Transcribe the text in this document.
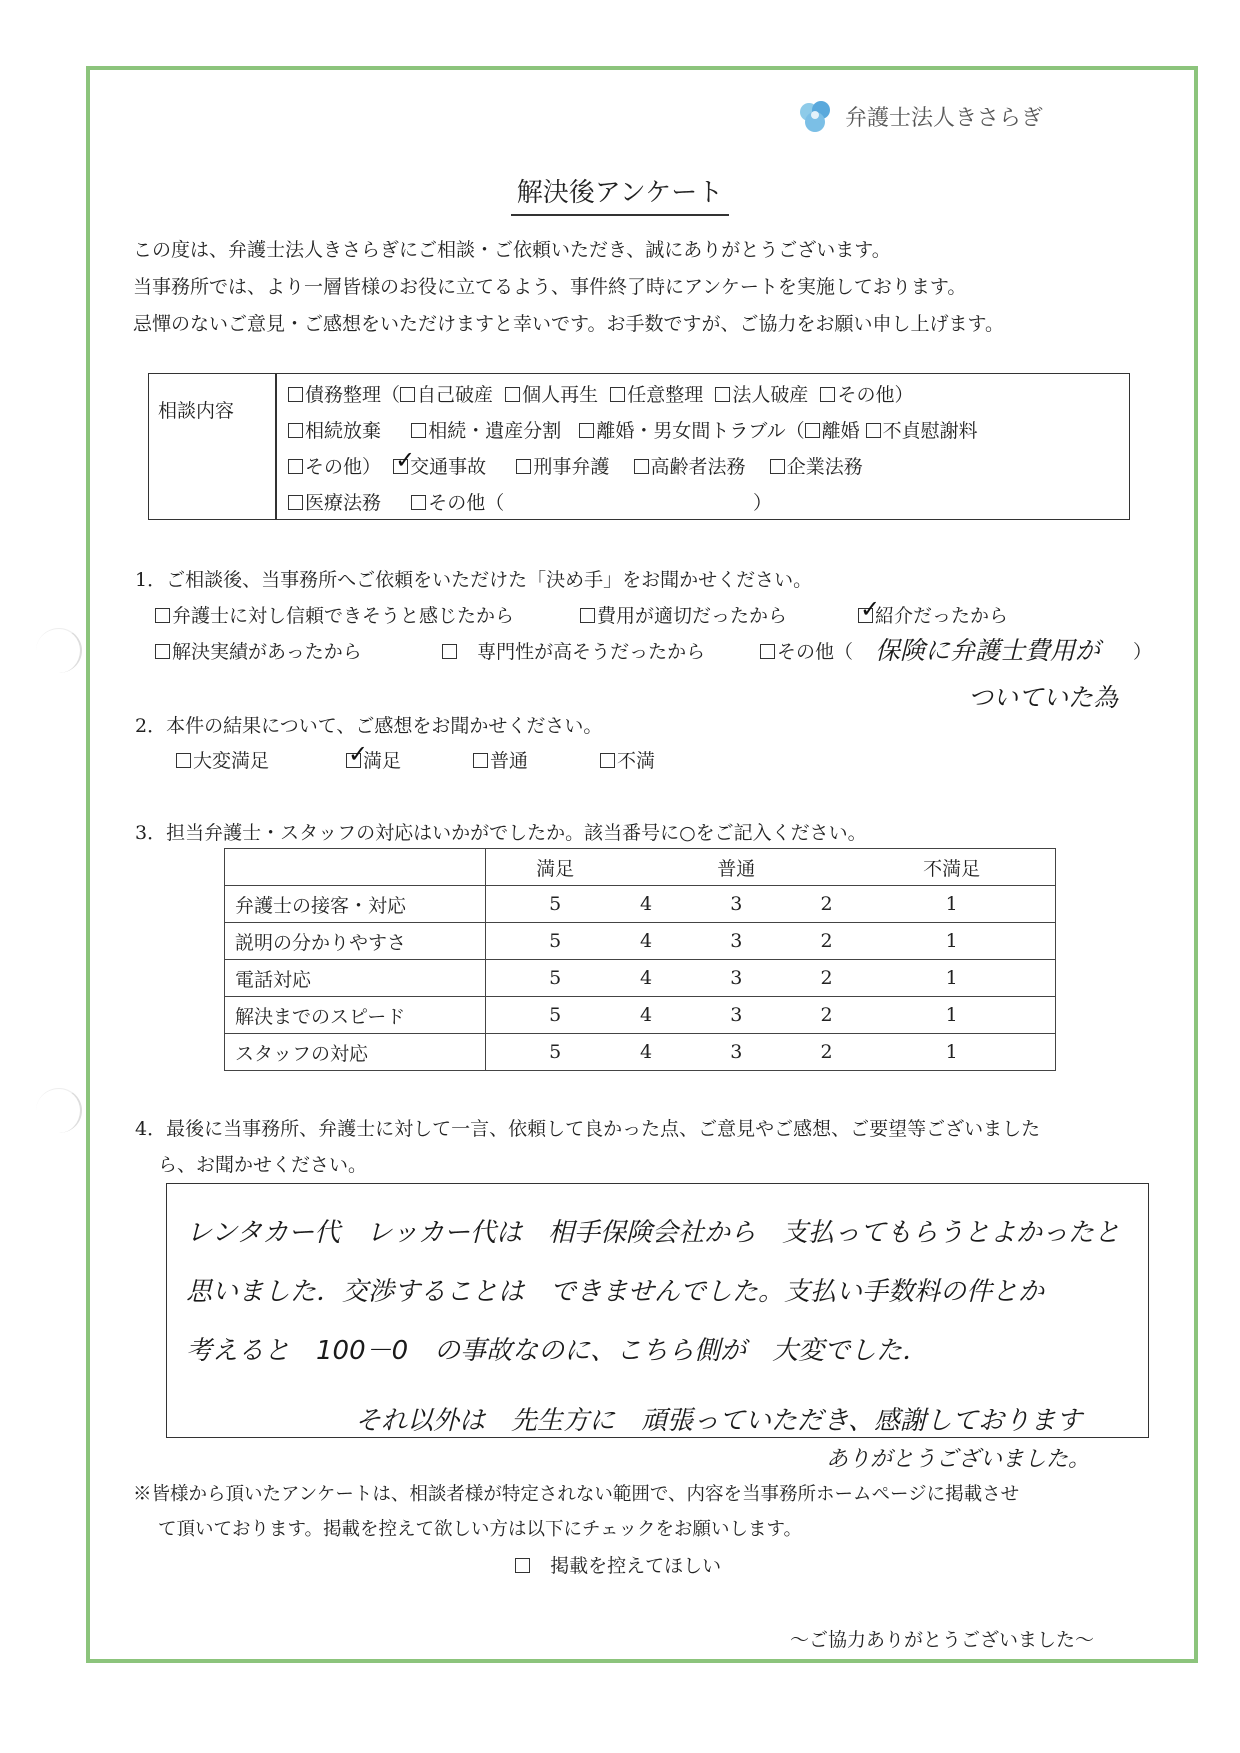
弁護士法人きさらぎ
解決後アンケート
この度は、弁護士法人きさらぎにご相談・ご依頼いただき、誠にありがとうございます。
当事務所では、より一層皆様のお役に立てるよう、事件終了時にアンケートを実施しております。
忌憚のないご意見・ご感想をいただけますと幸いです。お手数ですが、ご協力をお願い申し上げます。
相談内容
債務整理（ 自己破産 個人再生 任意整理 法人破産 その他）
相続放棄 相続・遺産分割 離婚・男女間トラブル（ 離婚 不貞慰謝料
その他） ✓
交通事故 刑事弁護 高齢者法務 企業法務
医療法務 その他（	）
1．ご相談後、当事務所へご依頼をいただけた「決め手」をお聞かせください。
弁護士に対し信頼できそうと感じたから	費用が適切だったから	✓
紹介だったから
解決実績があったから	専門性が高そうだったから	その他（	）
保険に弁護士費用が
ついていた為
2．本件の結果について、ご感想をお聞かせください。
大変満足	✓
満足	普通	不満
3．担当弁護士・スタッフの対応はいかがでしたか。該当番号に○をご記入ください。
	満足		普通		不満足
弁護士の接客・対応	5	4	3	2	1
説明の分かりやすさ	5	4	3	2	1
電話対応	5	4	3	2	1
解決までのスピード	5	4	3	2	1
スタッフの対応	5	4	3	2	1
4．最後に当事務所、弁護士に対して一言、依頼して良かった点、ご意見やご感想、ご要望等ございました
ら、お聞かせください。
レンタカー代　レッカー代は　相手保険会社から　支払ってもらうとよかったと
思いました．交渉することは　できませんでした。支払い手数料の件とか
考えると　100－0　の事故なのに、こちら側が　大変でした．
それ以外は　先生方に　頑張っていただき、感謝しております
ありがとうございました。
※皆様から頂いたアンケートは、相談者様が特定されない範囲で、内容を当事務所ホームページに掲載させ
て頂いております。掲載を控えて欲しい方は以下にチェックをお願いします。
掲載を控えてほしい
～ご協力ありがとうございました～
